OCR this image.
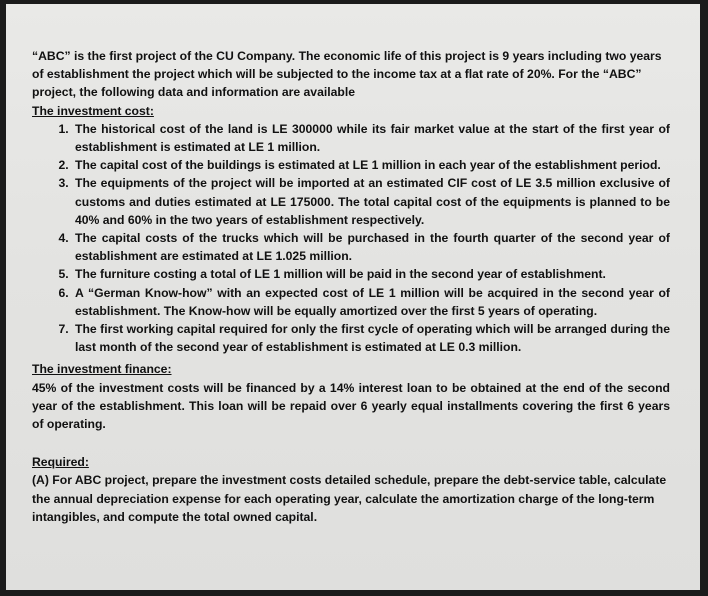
“ABC” is the first project of the CU Company. The economic life of this project is 9 years including two years of establishment the project which will be subjected to the income tax at a flat rate of 20%. For the “ABC” project, the following data and information are available

The investment cost:

1. The historical cost of the land is LE 300000 while its fair market value at the start of the first year of establishment is estimated at LE 1 million.
2. The capital cost of the buildings is estimated at LE 1 million in each year of the establishment period.
3. The equipments of the project will be imported at an estimated CIF cost of LE 3.5 million exclusive of customs and duties estimated at LE 175000. The total capital cost of the equipments is planned to be 40% and 60% in the two years of establishment respectively.
4. The capital costs of the trucks which will be purchased in the fourth quarter of the second year of establishment are estimated at LE 1.025 million.
5. The furniture costing a total of LE 1 million will be paid in the second year of establishment.
6. A “German Know-how” with an expected cost of LE 1 million will be acquired in the second year of establishment. The Know-how will be equally amortized over the first 5 years of operating.
7. The first working capital required for only the first cycle of operating which will be arranged during the last month of the second year of establishment is estimated at LE 0.3 million.

The investment finance:

45% of the investment costs will be financed by a 14% interest loan to be obtained at the end of the second year of the establishment. This loan will be repaid over 6 yearly equal installments covering the first 6 years of operating.

Required:

(A) For ABC project, prepare the investment costs detailed schedule, prepare the debt-service table, calculate the annual depreciation expense for each operating year, calculate the amortization charge of the long-term intangibles, and compute the total owned capital.
